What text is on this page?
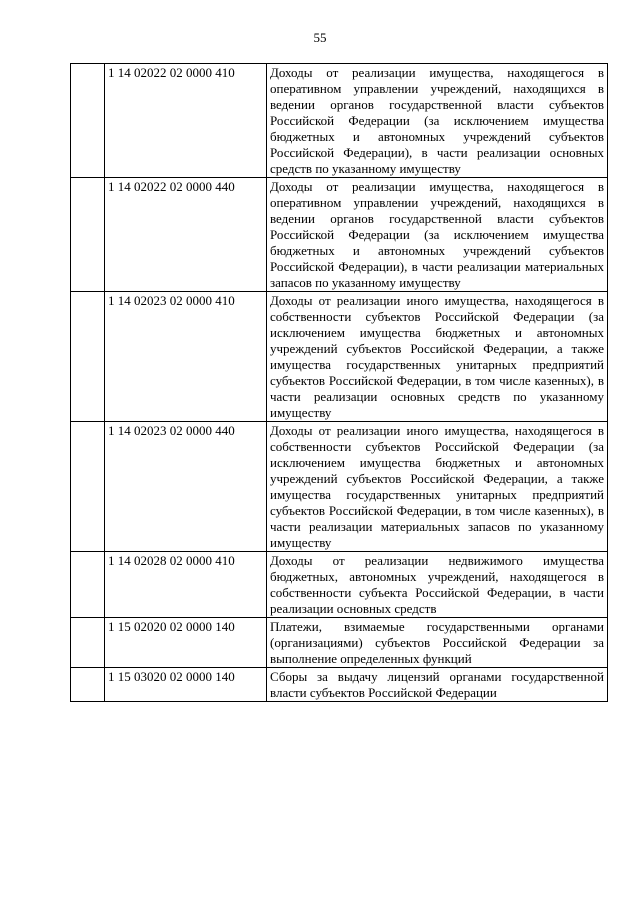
55
	1 14 02022 02 0000 410	Доходы от реализации имущества, находящегося в оперативном управлении учреждений, находящихся в ведении органов государственной власти субъектов Российской Федерации (за исключением имущества бюджетных и автономных учреждений субъектов Российской Федерации), в части реализации основных средств по указанному имуществу
	1 14 02022 02 0000 440	Доходы от реализации имущества, находящегося в оперативном управлении учреждений, находящихся в ведении органов государственной власти субъектов Российской Федерации (за исключением имущества бюджетных и автономных учреждений субъектов Российской Федерации), в части реализации материальных запасов по указанному имуществу
	1 14 02023 02 0000 410	Доходы от реализации иного имущества, находящегося в собственности субъектов Российской Федерации (за исключением имущества бюджетных и автономных учреждений субъектов Российской Федерации, а также имущества государственных унитарных предприятий субъектов Российской Федерации, в том числе казенных), в части реализации основных средств по указанному имуществу
	1 14 02023 02 0000 440	Доходы от реализации иного имущества, находящегося в собственности субъектов Российской Федерации (за исключением имущества бюджетных и автономных учреждений субъектов Российской Федерации, а также имущества государственных унитарных предприятий субъектов Российской Федерации, в том числе казенных), в части реализации материальных запасов по указанному имуществу
	1 14 02028 02 0000 410	Доходы от реализации недвижимого имущества бюджетных, автономных учреждений, находящегося в собственности субъекта Российской Федерации, в части реализации основных средств
	1 15 02020 02 0000 140	Платежи, взимаемые государственными органами (организациями) субъектов Российской Федерации за выполнение определенных функций
	1 15 03020 02 0000 140	Сборы за выдачу лицензий органами государственной власти субъектов Российской Федерации
